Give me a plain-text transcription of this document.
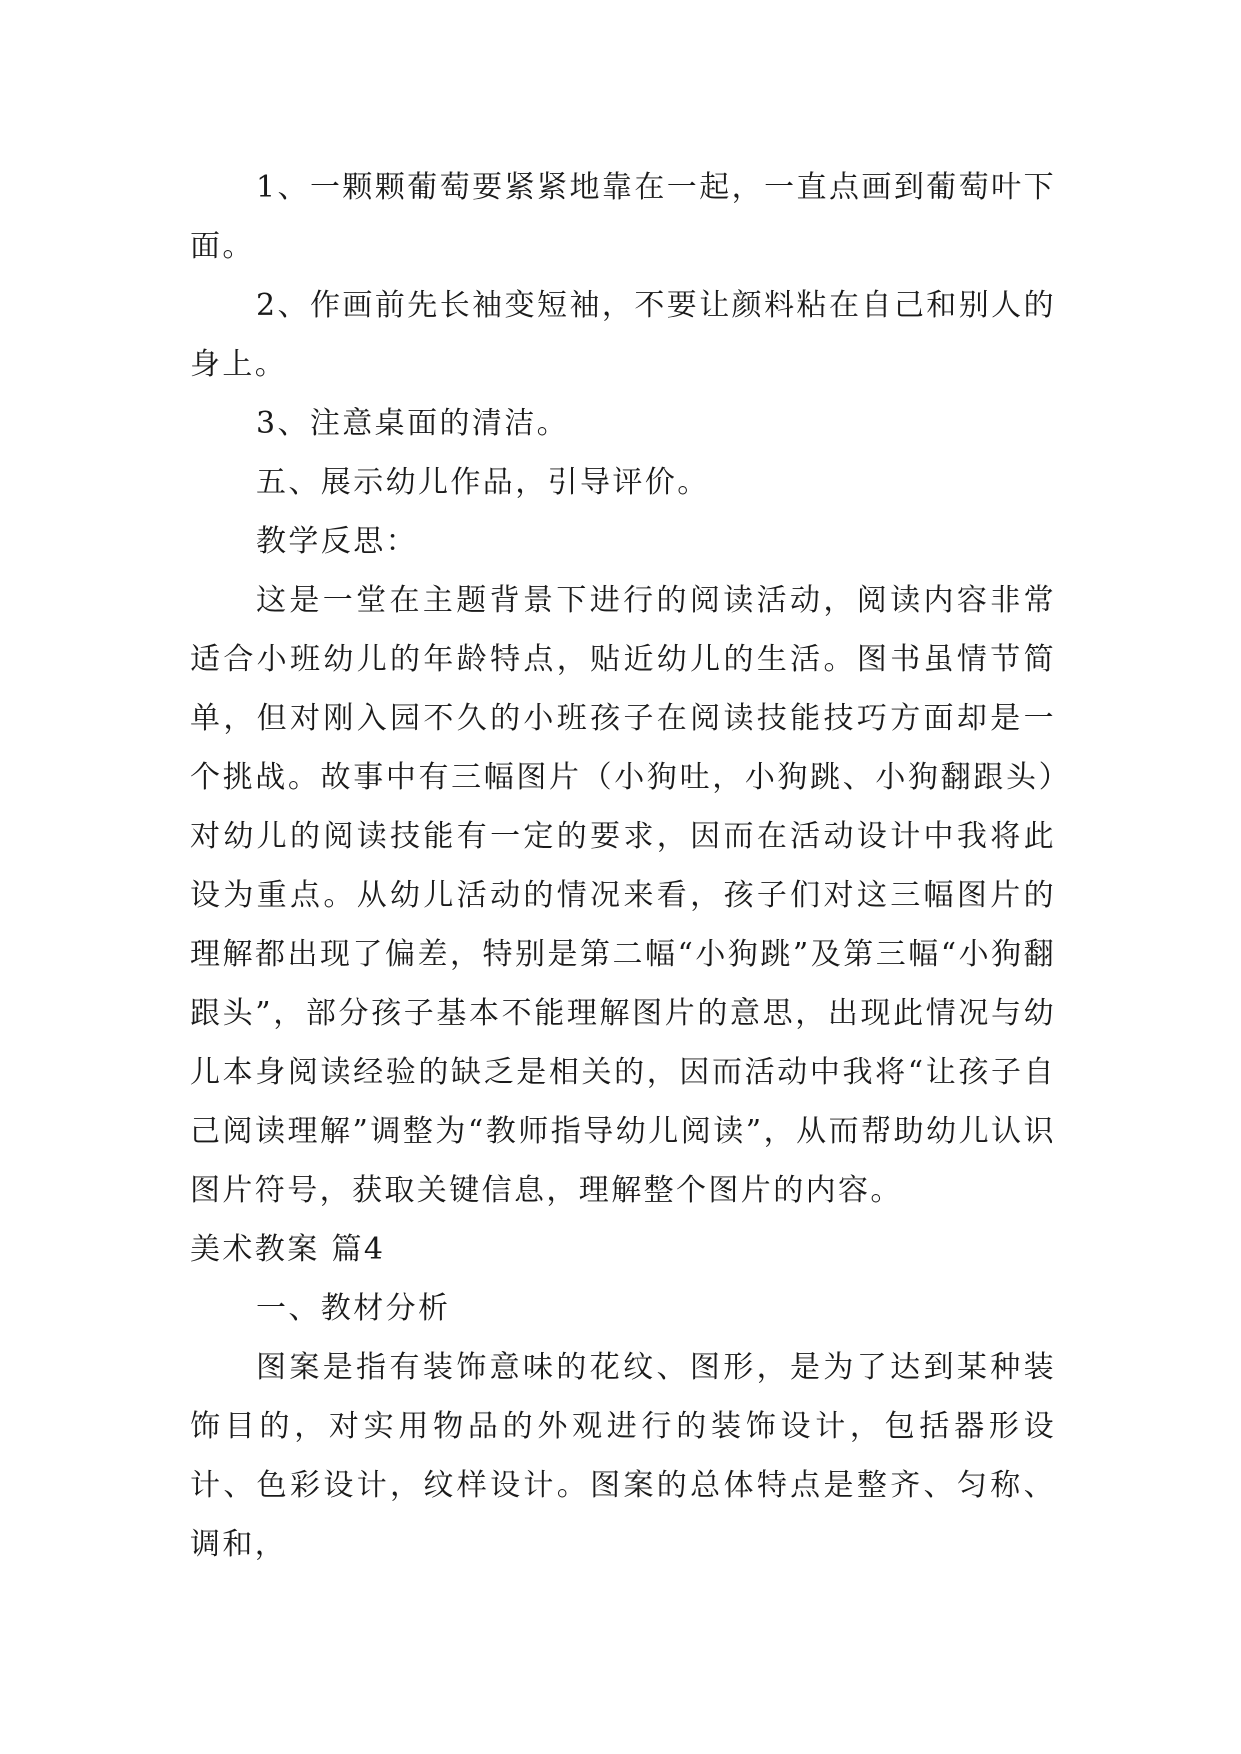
1、一颗颗葡萄要紧紧地靠在一起，一直点画到葡萄叶下面。

2、作画前先长袖变短袖，不要让颜料粘在自己和别人的身上。

3、注意桌面的清洁。

五、展示幼儿作品，引导评价。

教学反思：

这是一堂在主题背景下进行的阅读活动，阅读内容非常适合小班幼儿的年龄特点，贴近幼儿的生活。图书虽情节简单，但对刚入园不久的小班孩子在阅读技能技巧方面却是一个挑战。故事中有三幅图片（小狗吐，小狗跳、小狗翻跟头）对幼儿的阅读技能有一定的要求，因而在活动设计中我将此设为重点。从幼儿活动的情况来看，孩子们对这三幅图片的理解都出现了偏差，特别是第二幅“小狗跳”及第三幅“小狗翻跟头”，部分孩子基本不能理解图片的意思，出现此情况与幼儿本身阅读经验的缺乏是相关的，因而活动中我将“让孩子自己阅读理解”调整为“教师指导幼儿阅读”，从而帮助幼儿认识图片符号，获取关键信息，理解整个图片的内容。

美术教案 篇4

一、教材分析

图案是指有装饰意味的花纹、图形，是为了达到某种装饰目的，对实用物品的外观进行的装饰设计，包括器形设计、色彩设计，纹样设计。图案的总体特点是整齐、匀称、调和，
